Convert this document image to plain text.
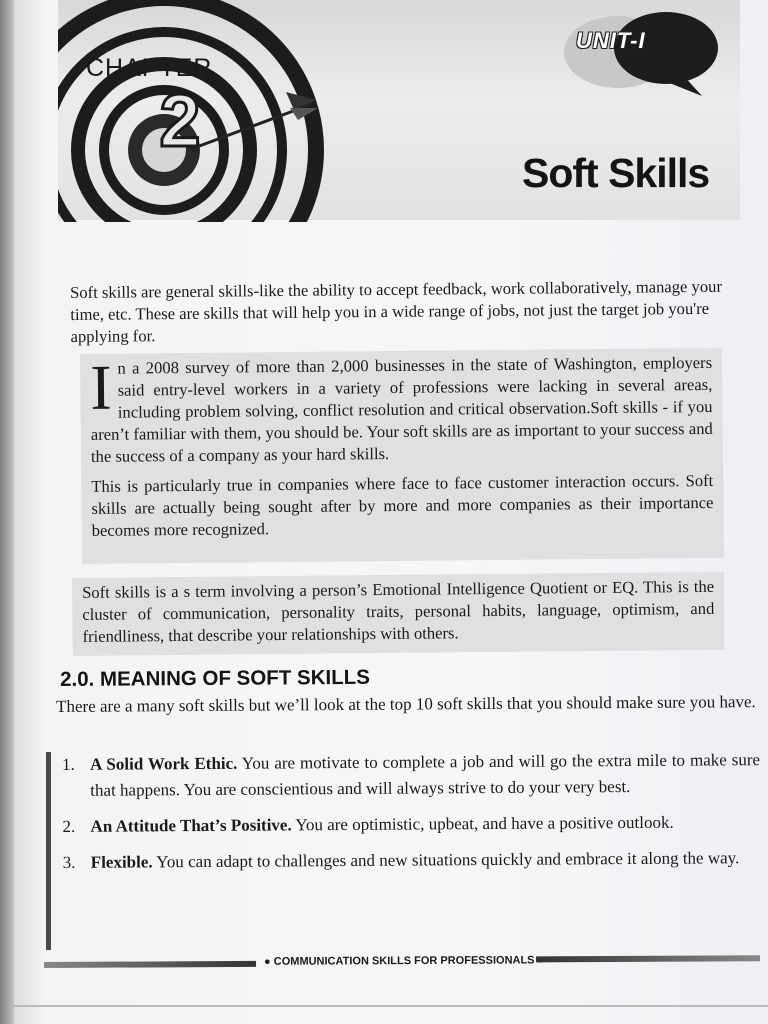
CHAPTER
2
UNIT-I
Soft Skills
Soft skills are general skills-like the ability to accept feedback, work collaboratively, manage your time, etc. These are skills that will help you in a wide range of jobs, not just the target job you're applying for.

In a 2008 survey of more than 2,000 businesses in the state of Washington, employers said entry-level workers in a variety of professions were lacking in several areas, including problem solving, conflict resolution and critical observation.Soft skills - if you aren’t familiar with them, you should be. Your soft skills are as important to your success and the success of a company as your hard skills.

This is particularly true in companies where face to face customer interaction occurs. Soft skills are actually being sought after by more and more companies as their importance becomes more recognized.

Soft skills is a s term involving a person’s Emotional Intelligence Quotient or EQ. This is the cluster of communication, personality traits, personal habits, language, optimism, and friendliness, that describe your relationships with others.

2.0. MEANING OF SOFT SKILLS
There are a many soft skills but we’ll look at the top 10 soft skills that you should make sure you have.
1. A Solid Work Ethic. You are motivate to complete a job and will go the extra mile to make sure that happens. You are conscientious and will always strive to do your very best.
2. An Attitude That’s Positive. You are optimistic, upbeat, and have a positive outlook.
3. Flexible. You can adapt to challenges and new situations quickly and embrace it along the way.
● COMMUNICATION SKILLS FOR PROFESSIONALS
